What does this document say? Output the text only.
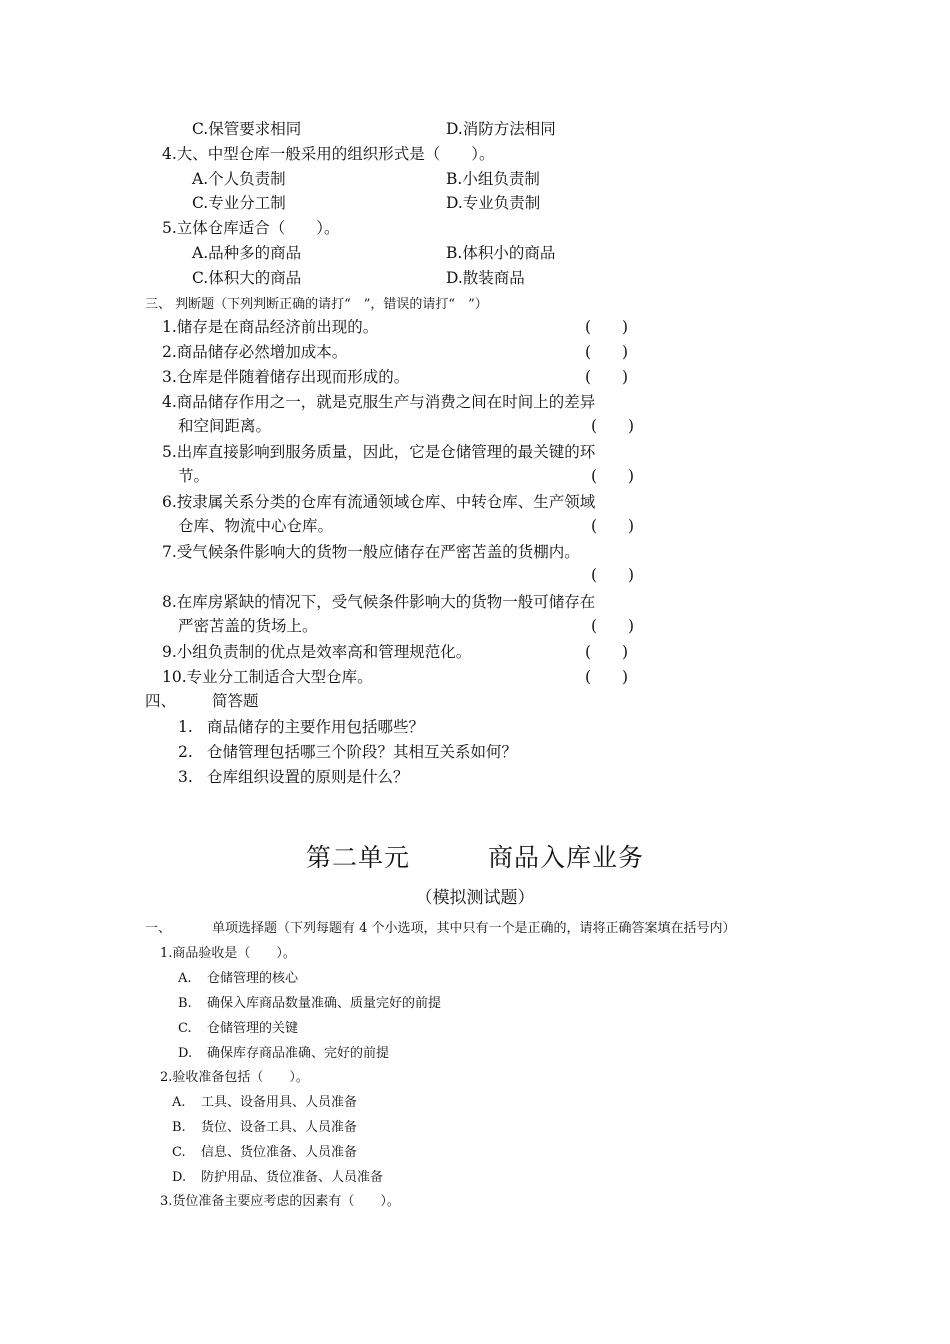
C.保管要求相同	D.消防方法相同
4.大、中型仓库一般采用的组织形式是（　　）。
A.个人负责制	B.小组负责制
C.专业分工制	D.专业负责制
5.立体仓库适合（　　）。
A.品种多的商品	B.体积小的商品
C.体积大的商品	D.散装商品
三、 判断题（下列判断正确的请打“　”，错误的请打“　”）
1.储存是在商品经济前出现的。	(　　)
2.商品储存必然增加成本。	(　　)
3.仓库是伴随着储存出现而形成的。	(　　)
4.商品储存作用之一，就是克服生产与消费之间在时间上的差异
和空间距离。	(　　)
5.出库直接影响到服务质量，因此，它是仓储管理的最关键的环
节。	(　　)
6.按隶属关系分类的仓库有流通领域仓库、中转仓库、生产领域
仓库、物流中心仓库。	(　　)
7.受气候条件影响大的货物一般应储存在严密苫盖的货棚内。
(　　)
8.在库房紧缺的情况下，受气候条件影响大的货物一般可储存在
严密苫盖的货场上。	(　　)
9.小组负责制的优点是效率高和管理规范化。	(　　)
10.专业分工制适合大型仓库。	(　　)
四、 简答题
1. 商品储存的主要作用包括哪些？
2. 仓储管理包括哪三个阶段？其相互关系如何？
3. 仓库组织设置的原则是什么？
第二单元　　　商品入库业务
（模拟测试题）
一、	单项选择题（下列每题有 4 个小选项，其中只有一个是正确的，请将正确答案填在括号内）
1.商品验收是（　　）。
A. 仓储管理的核心
B. 确保入库商品数量准确、质量完好的前提
C. 仓储管理的关键
D. 确保库存商品准确、完好的前提
2.验收准备包括（　　）。
A. 工具、设备用具、人员准备
B. 货位、设备工具、人员准备
C. 信息、货位准备、人员准备
D. 防护用品、货位准备、人员准备
3.货位准备主要应考虑的因素有（　　）。
